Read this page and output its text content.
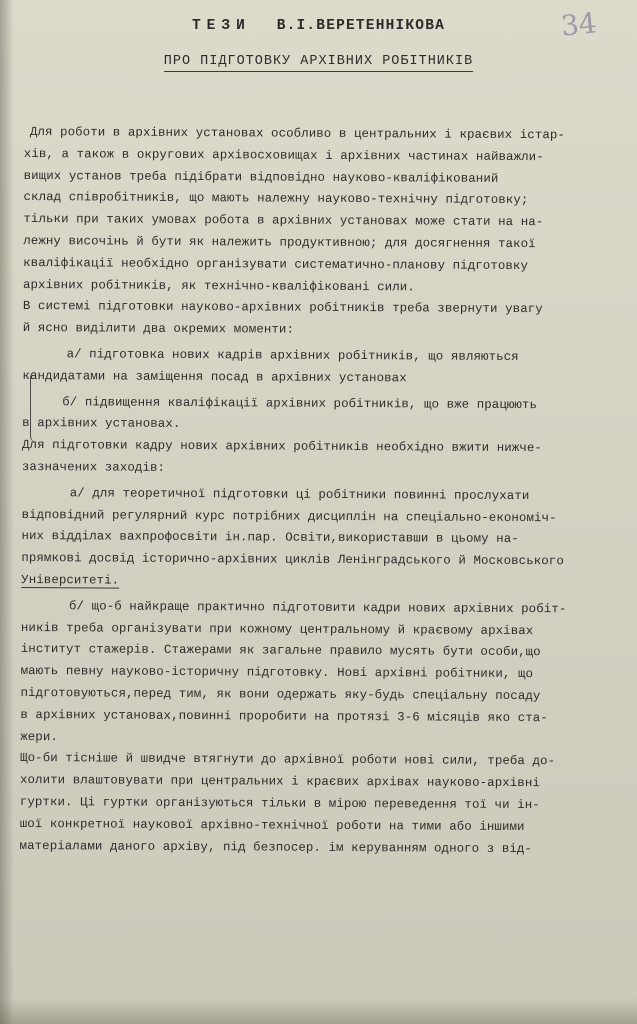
34
ТЕЗИ В.І.ВЕРЕТЕННІКОВА
ПРО ПІДГОТОВКУ АРХІВНИХ РОБІТНИКІВ
Для роботи в архівних установах особливо в центральних і краєвих істар-
хів, а також в округових архівосховищах і архівних частинах найважли-
вищих установ треба підібрати відповідно науково-кваліфікований
склад співробітників, що мають належну науково-технічну підготовку;
тільки при таких умовах робота в архівних установах може стати на на-
лежну височінь й бути як належить продуктивною; для досягнення такої
кваліфікації необхідно організувати систематично-планову підготовку
архівних робітників, як технічно-кваліфіковані сили.
В системі підготовки науково-архівних робітників треба звернути увагу
й ясно виділити два окремих моменти:
а/ підготовка нових кадрів архівних робітників, що являються
кандидатами на заміщення посад в архівних установах
б/ підвищення кваліфікації архівних робітників, що вже працюють
в архівних установах.
Для підготовки кадру нових архівних робітників необхідно вжити нижче-
зазначених заходів:
а/ для теоретичної підготовки ці робітники повинні прослухати
відповідний регулярний курс потрібних дисциплін на спеціально-економіч-
них відділах вахпрофосвіти ін.пар. Освіти,використавши в цьому на-
прямкові досвід історично-архівних циклів Ленінградського й Московського
Університеті.
б/ що-б найкраще практично підготовити кадри нових архівних робіт-
ників треба організувати при кожному центральному й краєвому архівах
інститут стажерів. Стажерами як загальне правило мусять бути особи,що
мають певну науково-історичну підготовку. Нові архівні робітники, що
підготовуються,перед тим, як вони одержать яку-будь спеціальну посаду
в архівних установах,повинні проробити на протязі 3-6 місяців яко ста-
жери.
Що-би тісніше й швидче втягнути до архівної роботи нові сили, треба до-
холити влаштовувати при центральних і краєвих архівах науково-архівні
гуртки. Ці гуртки організуються тільки в мірою переведення тої чи ін-
шої конкретної наукової архівно-технічної роботи на тими або іншими
матеріалами даного архіву, під безпосер. ім керуванням одного з від-
